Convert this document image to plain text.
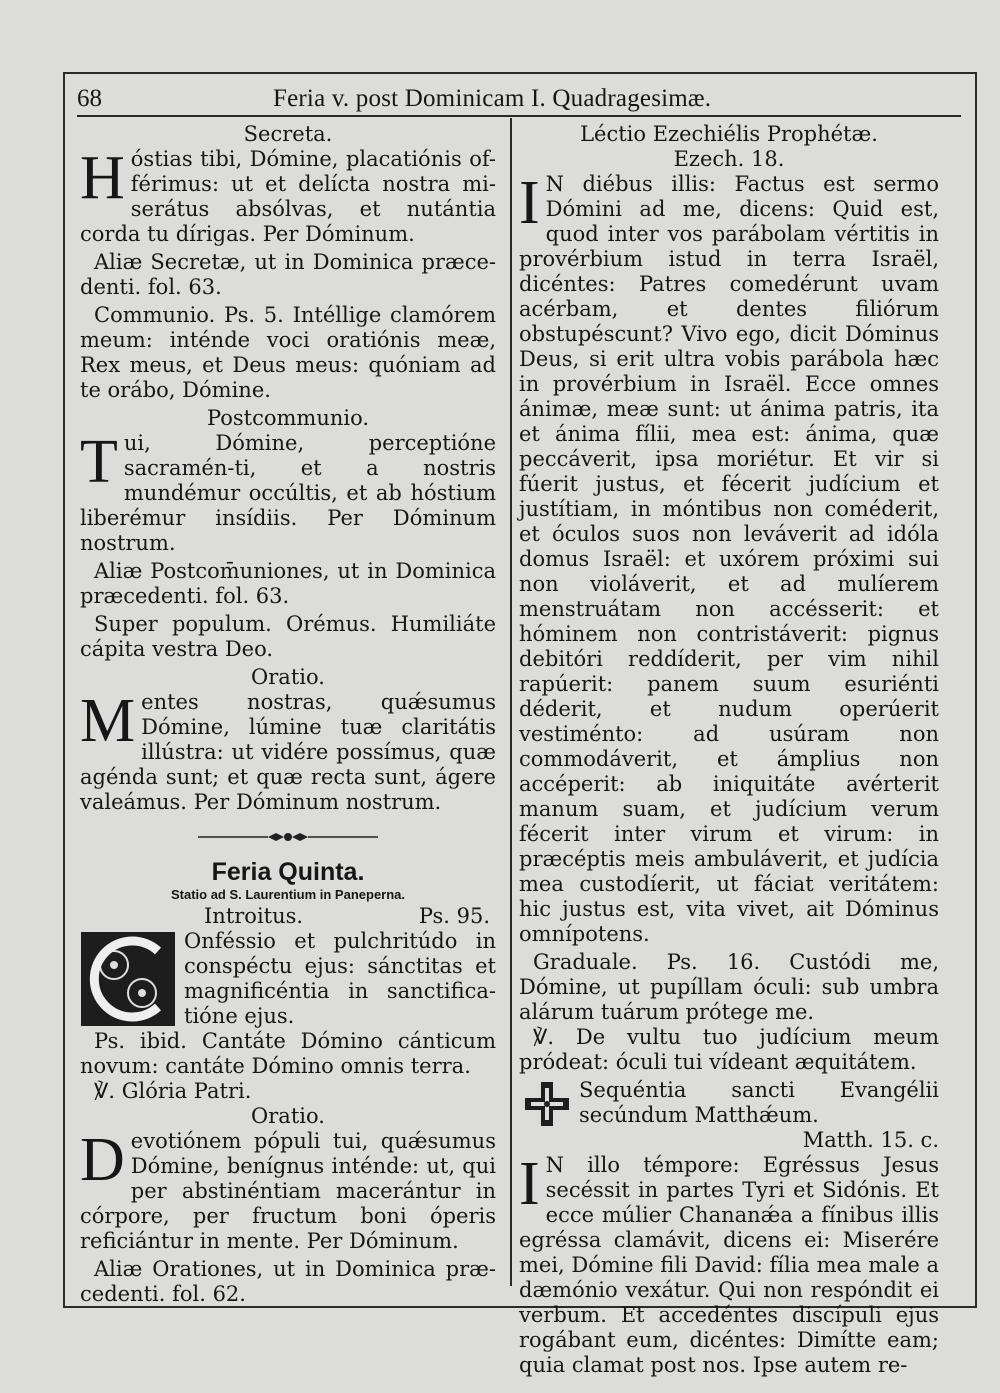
68	Feria v. post Dominicam I. Quadragesimæ.

Secreta.

Hóstias tibi, Dómine, placatiónis of-férimus: ut et delícta nostra mi-serátus absólvas, et nutántia corda tu dírigas. Per Dóminum.

Aliæ Secretæ, ut in Dominica præce-denti. fol. 63.

Communio. Ps. 5. Intéllige clamórem meum: inténde voci oratiónis meæ, Rex meus, et Deus meus: quóniam ad te orábo, Dómine.

Postcommunio.

Tui, Dómine, perceptióne sacramén-ti, et a nostris mundémur occúltis, et ab hóstium liberémur insídiis. Per Dóminum nostrum.

Aliæ Postcom̄uniones, ut in Dominica præcedenti. fol. 63.

Super populum. Orémus. Humiliáte cápita vestra Deo.

Oratio.

Mentes nostras, quǽsumus Dómine, lúmine tuæ claritátis illústra: ut vidére possímus, quæ agénda sunt; et quæ recta sunt, ágere valeámus. Per Dóminum nostrum.

Feria Quinta.
Statio ad S. Laurentium in Paneperna.
Introitus.	Ps. 95.

Onféssio et pulchritúdo in conspéctu ejus: sánctitas et magnificéntia in sanctifica-tióne ejus.

Ps. ibid. Cantáte Dómino cánticum novum: cantáte Dómino omnis terra.

℣. Glória Patri.

Oratio.

Devotiónem pópuli tui, quǽsumus Dómine, benígnus inténde: ut, qui per abstinéntiam macerántur in córpore, per fructum boni óperis reficiántur in mente. Per Dóminum.

Aliæ Orationes, ut in Dominica præ-cedenti. fol. 62.

Léctio Ezechiélis Prophétæ.

Ezech. 18.

I N diébus illis: Factus est sermo Dómini ad me, dicens: Quid est, quod inter vos parábolam vértitis in provérbium istud in terra Israël, dicéntes: Patres comedérunt uvam acérbam, et dentes filiórum obstupéscunt? Vivo ego, dicit Dóminus Deus, si erit ultra vobis parábola hæc in provérbium in Israël. Ecce omnes ánimæ, meæ sunt: ut ánima patris, ita et ánima fílii, mea est: ánima, quæ peccáverit, ipsa moriétur. Et vir si fúerit justus, et fécerit judícium et justítiam, in móntibus non coméderit, et óculos suos non leváverit ad idóla domus Israël: et uxórem próximi sui non violáverit, et ad mulíerem menstruátam non accésserit: et hóminem non contristáverit: pignus debitóri reddíderit, per vim nihil rapúerit: panem suum esuriénti déderit, et nudum operúerit vestiménto: ad usúram non commodáverit, et ámplius non accéperit: ab iniquitáte avérterit manum suam, et judícium verum fécerit inter virum et virum: in præcéptis meis ambuláverit, et judícia mea custodíerit, ut fáciat veritátem: hic justus est, vita vivet, ait Dóminus omnípotens.

Graduale. Ps. 16. Custódi me, Dómine, ut pupíllam óculi: sub umbra alárum tuárum prótege me.

℣. De vultu tuo judícium meum pródeat: óculi tui vídeant æquitátem.

Sequéntia sancti Evangélii secúndum Matthǽum.
Matth. 15. c.

I N illo témpore: Egréssus Jesus secéssit in partes Tyri et Sidónis. Et ecce múlier Chananǽa a fínibus illis egréssa clamávit, dicens ei: Miserére mei, Dómine fili David: fília mea male a dæmónio vexátur. Qui non respóndit ei verbum. Et accedéntes discípuli ejus rogábant eum, dicéntes: Dimítte eam; quia clamat post nos. Ipse autem re-
